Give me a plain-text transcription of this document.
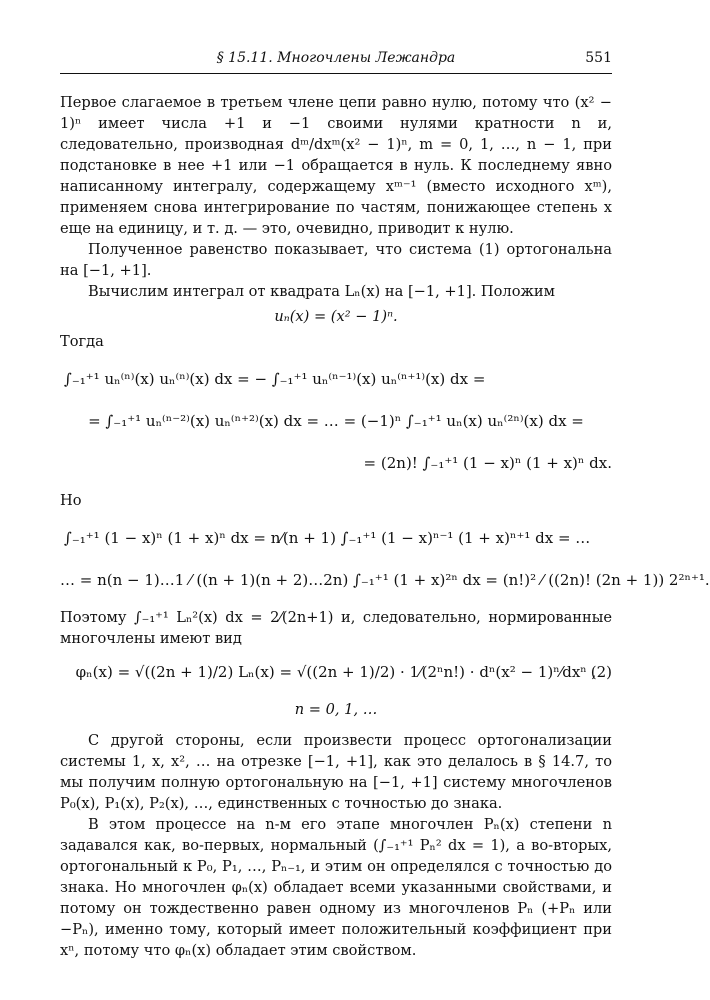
§ 15.11. Многочлены Лежандра	551

Первое слагаемое в третьем члене цепи равно нулю, потому что (x² − 1)ⁿ имеет числа +1 и −1 своими нулями кратности n и, следовательно, производная dᵐ/dxᵐ(x² − 1)ⁿ, m = 0, 1, …, n − 1, при подстановке в нее +1 или −1 обращается в нуль. К последнему явно написанному интегралу, содержащему xᵐ⁻¹ (вместо исходного xᵐ), применяем снова интегрирование по частям, понижающее степень x еще на единицу, и т. д. — это, очевидно, приводит к нулю.

Полученное равенство показывает, что система (1) ортогональна на [−1, +1].

Вычислим интеграл от квадрата Lₙ(x) на [−1, +1]. Положим

uₙ(x) = (x² − 1)ⁿ.

Тогда

∫₋₁⁺¹ uₙ⁽ⁿ⁾(x) uₙ⁽ⁿ⁾(x) dx = − ∫₋₁⁺¹ uₙ⁽ⁿ⁻¹⁾(x) uₙ⁽ⁿ⁺¹⁾(x) dx =
= ∫₋₁⁺¹ uₙ⁽ⁿ⁻²⁾(x) uₙ⁽ⁿ⁺²⁾(x) dx = … = (−1)ⁿ ∫₋₁⁺¹ uₙ(x) uₙ⁽²ⁿ⁾(x) dx =
= (2n)! ∫₋₁⁺¹ (1 − x)ⁿ (1 + x)ⁿ dx.

Но

∫₋₁⁺¹ (1 − x)ⁿ (1 + x)ⁿ dx = n⁄(n + 1) ∫₋₁⁺¹ (1 − x)ⁿ⁻¹ (1 + x)ⁿ⁺¹ dx = …
… = n(n − 1)…1 ⁄ ((n + 1)(n + 2)…2n) ∫₋₁⁺¹ (1 + x)²ⁿ dx = (n!)² ⁄ ((2n)! (2n + 1)) 2²ⁿ⁺¹.

Поэтому ∫₋₁⁺¹ Lₙ²(x) dx = 2⁄(2n+1) и, следовательно, нормированные многочлены имеют вид

φₙ(x) = √((2n + 1)/2) Lₙ(x) = √((2n + 1)/2) · 1⁄(2ⁿn!) · dⁿ(x² − 1)ⁿ⁄dxⁿ ,
(2)
n = 0, 1, …

С другой стороны, если произвести процесс ортогонализации системы 1, x, x², … на отрезке [−1, +1], как это делалось в § 14.7, то мы получим полную ортогональную на [−1, +1] систему многочленов P₀(x), P₁(x), P₂(x), …, единственных с точностью до знака.

В этом процессе на n-м его этапе многочлен Pₙ(x) степени n задавался как, во-первых, нормальный (∫₋₁⁺¹ Pₙ² dx = 1), а во-вторых, ортогональный к P₀, P₁, …, Pₙ₋₁, и этим он определялся с точностью до знака. Но многочлен φₙ(x) обладает всеми указанными свойствами, и потому он тождественно равен одному из многочленов Pₙ (+Pₙ или −Pₙ), именно тому, который имеет положительный коэффициент при xⁿ, потому что φₙ(x) обладает этим свойством.
